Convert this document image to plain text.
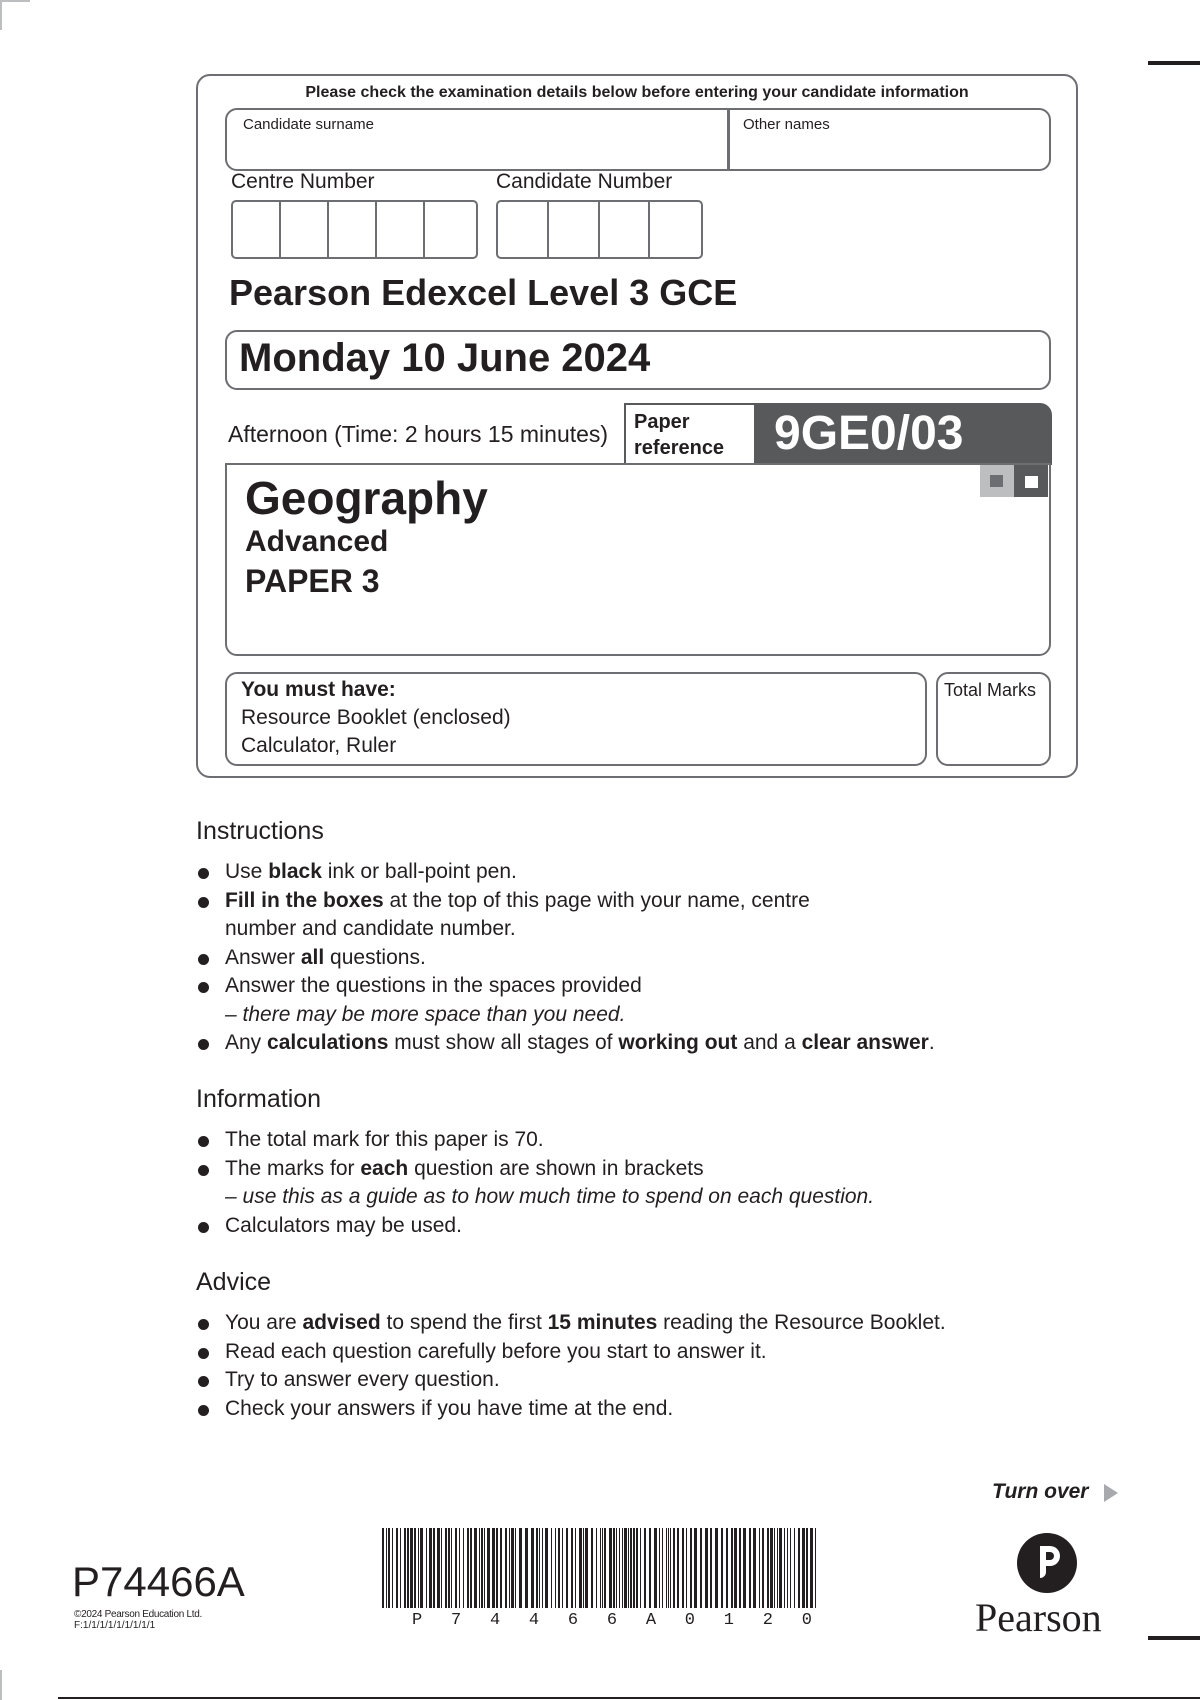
Please check the examination details below before entering your candidate information
Candidate surname	Other names
Centre Number	Candidate Number
Pearson Edexcel Level 3 GCE
Monday 10 June 2024
Afternoon (Time: 2 hours 15 minutes)	Paper reference	9GE0/03
Geography
Advanced
PAPER 3
You must have:
Resource Booklet (enclosed)
Calculator, Ruler
Total Marks
Instructions
Use black ink or ball-point pen.
Fill in the boxes at the top of this page with your name, centre number and candidate number.
Answer all questions.
Answer the questions in the spaces provided
– there may be more space than you need.
Any calculations must show all stages of working out and a clear answer.
Information
The total mark for this paper is 70.
The marks for each question are shown in brackets
– use this as a guide as to how much time to spend on each question.
Calculators may be used.
Advice
You are advised to spend the first 15 minutes reading the Resource Booklet.
Read each question carefully before you start to answer it.
Try to answer every question.
Check your answers if you have time at the end.
Turn over
P74466A
©2024 Pearson Education Ltd.
F:1/1/1/1/1/1/1/1/1	P 7 4 4 6 6 A 0 1 2 0	Pearson
